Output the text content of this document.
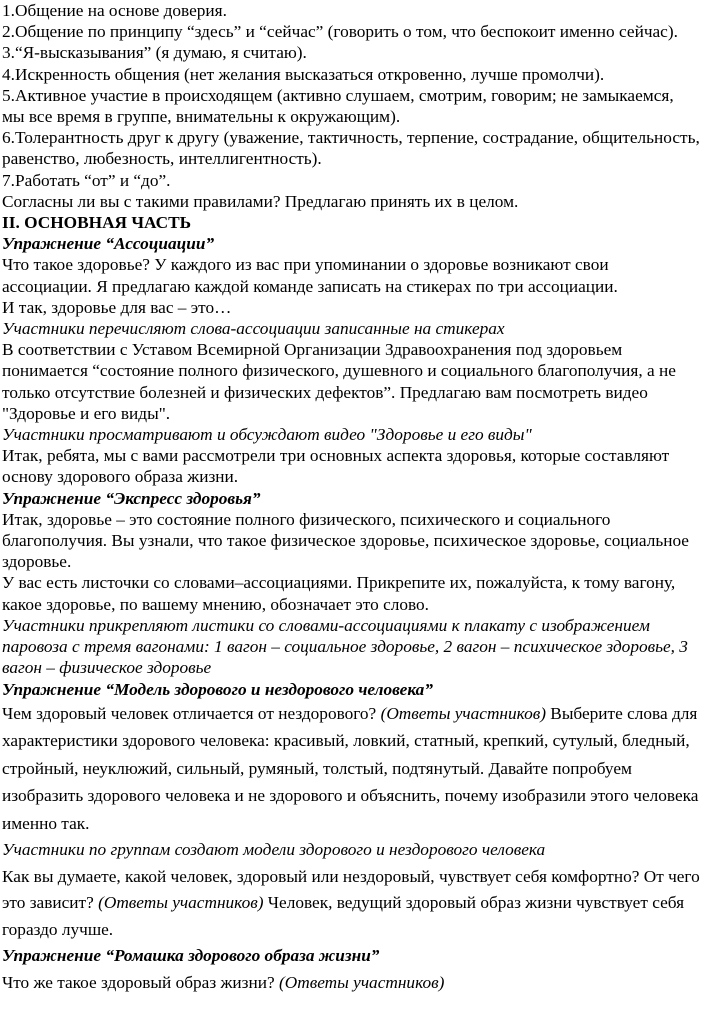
1.Общение на основе доверия.

2.Общение по принципу “здесь” и “сейчас” (говорить о том, что беспокоит именно сейчас).

3.“Я-высказывания” (я думаю, я считаю).

4.Искренность общения (нет желания высказаться откровенно, лучше промолчи).

5.Активное участие в происходящем (активно слушаем, смотрим, говорим; не замыкаемся, мы все время в группе, внимательны к окружающим).

6.Толерантность друг к другу (уважение, тактичность, терпение, сострадание, общительность, равенство, любезность, интеллигентность).

7.Работать “от” и “до”.

Согласны ли вы с такими правилами? Предлагаю принять их в целом.

II. ОСНОВНАЯ ЧАСТЬ

Упражнение “Ассоциации”

Что такое здоровье? У каждого из вас при упоминании о здоровье возникают свои ассоциации. Я предлагаю каждой команде записать на стикерах по три ассоциации.

И так, здоровье для вас – это…

Участники перечисляют слова-ассоциации записанные на стикерах

В соответствии с Уставом Всемирной Организации Здравоохранения под здоровьем понимается “состояние полного физического, душевного и социального благополучия, а не только отсутствие болезней и физических дефектов”. Предлагаю вам посмотреть видео "Здоровье и его виды".

Участники просматривают и обсуждают видео "Здоровье и его виды"

Итак, ребята, мы с вами рассмотрели три основных аспекта здоровья, которые составляют основу здорового образа жизни.

Упражнение “Экспресс здоровья”

Итак, здоровье – это состояние полного физического, психического и социального благополучия. Вы узнали, что такое физическое здоровье, психическое здоровье, социальное здоровье.

У вас есть листочки со словами–ассоциациями. Прикрепите их, пожалуйста, к тому вагону, какое здоровье, по вашему мнению, обозначает это слово.

Участники прикрепляют листики со словами-ассоциациями к плакату с изображением паровоза с тремя вагонами: 1 вагон – социальное здоровье, 2 вагон – психическое здоровье, 3 вагон – физическое здоровье

Упражнение “Модель здорового и нездорового человека”

Чем здоровый человек отличается от нездорового? (Ответы участников) Выберите слова для характеристики здорового человека: красивый, ловкий, статный, крепкий, сутулый, бледный, стройный, неуклюжий, сильный, румяный, толстый, подтянутый. Давайте попробуем изобразить здорового человека и не здорового и объяснить, почему изобразили этого человека именно так.

Участники по группам создают модели здорового и нездорового человека

Как вы думаете, какой человек, здоровый или нездоровый, чувствует себя комфортно? От чего это зависит? (Ответы участников) Человек, ведущий здоровый образ жизни чувствует себя гораздо лучше.

Упражнение “Ромашка здорового образа жизни”

Что же такое здоровый образ жизни? (Ответы участников)
